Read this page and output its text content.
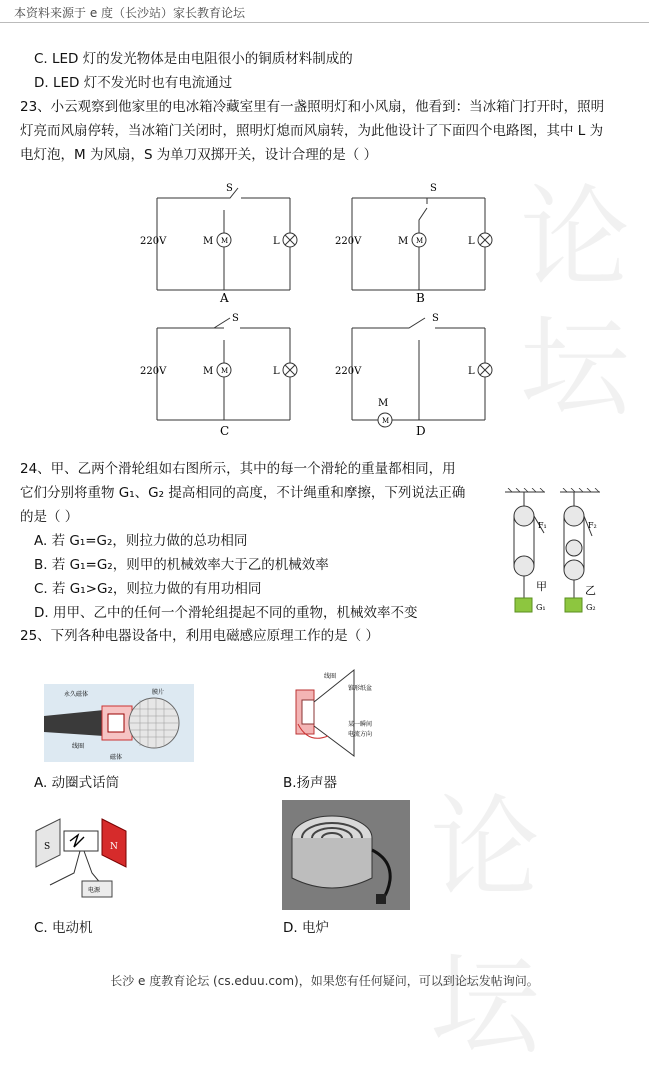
论
坛
论坛
本资料来源于 e 度（长沙站）家长教育论坛
C. LED 灯的发光物体是由电阻很小的铜质材料制成的
D. LED 灯不发光时也有电流通过
23、小云观察到他家里的电冰箱冷藏室里有一盏照明灯和小风扇，他看到：当冰箱门打开时，照明
灯亮而风扇停转，当冰箱门关闭时，照明灯熄而风扇转，为此他设计了下面四个电路图，其中 L 为
电灯泡，M 为风扇，S 为单刀双掷开关，设计合理的是（ ）
S
220V	M M	L
A
S
220V	M M	L
B
S
220V	M M	L
C
S
220V
M
M
L
D
24、甲、乙两个滑轮组如右图所示，其中的每一个滑轮的重量都相同，用
它们分别将重物 G₁、G₂ 提高相同的高度，不计绳重和摩擦，下列说法正确
的是（ ）
A. 若 G₁=G₂，则拉力做的总功相同
B. 若 G₁=G₂，则甲的机械效率大于乙的机械效率
C. 若 G₁>G₂，则拉力做的有用功相同
D. 用甲、乙中的任何一个滑轮组提起不同的重物，机械效率不变
F₁	F₂
甲	乙
G₁	G₂
25、下列各种电器设备中，利用电磁感应原理工作的是（ ）
永久磁体
线圈
膜片
磁体
线圈
锥形纸盆
某一瞬间
电流方向
A. 动圈式话筒	B.扬声器
S	N
电源
C. 电动机	D. 电炉
长沙 e 度教育论坛 (cs.eduu.com)，如果您有任何疑问，可以到论坛发帖询问。
